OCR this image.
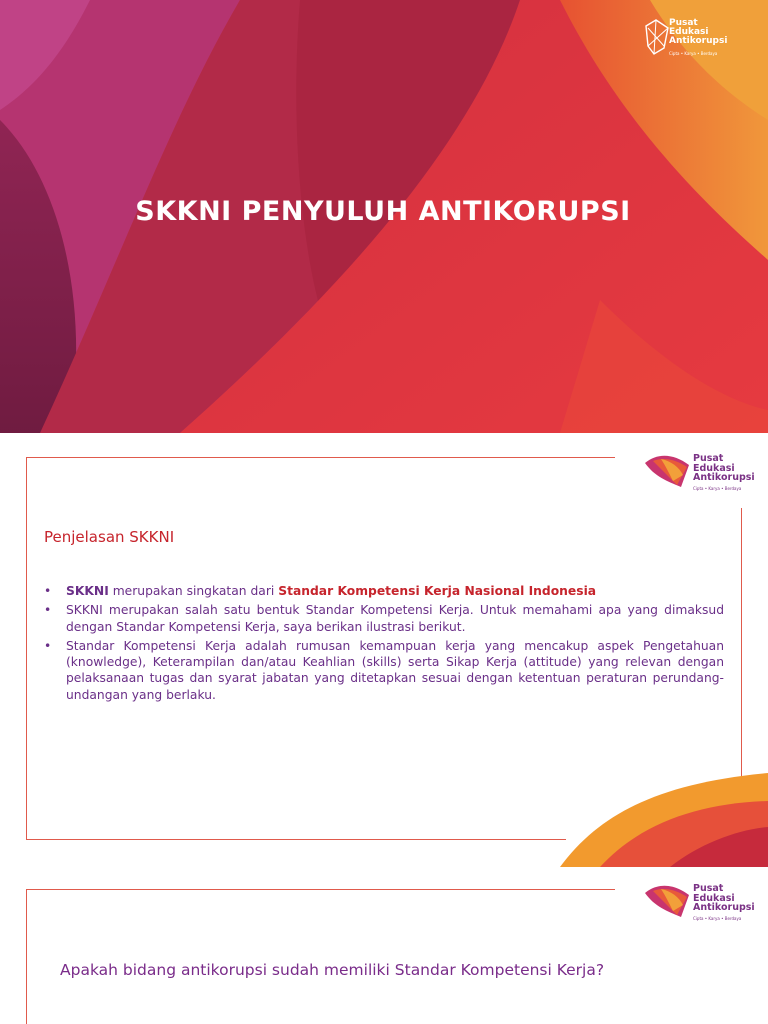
Pusat
Edukasi
Antikorupsi
Cipta • Karya • Berdaya
SKKNI PENYULUH ANTIKORUPSI
Pusat
Edukasi
Antikorupsi
Cipta • Karya • Berdaya
Penjelasan SKKNI
• SKKNI merupakan singkatan dari Standar Kompetensi Kerja Nasional Indonesia
• SKKNI merupakan salah satu bentuk Standar Kompetensi Kerja. Untuk memahami apa yang dimaksud dengan Standar Kompetensi Kerja, saya berikan ilustrasi berikut.
• Standar Kompetensi Kerja adalah rumusan kemampuan kerja yang mencakup aspek Pengetahuan (knowledge), Keterampilan dan/atau Keahlian (skills) serta Sikap Kerja (attitude) yang relevan dengan pelaksanaan tugas dan syarat jabatan yang ditetapkan sesuai dengan ketentuan peraturan perundang-undangan yang berlaku.
Pusat
Edukasi
Antikorupsi
Cipta • Karya • Berdaya
Apakah bidang antikorupsi sudah memiliki Standar Kompetensi Kerja?
